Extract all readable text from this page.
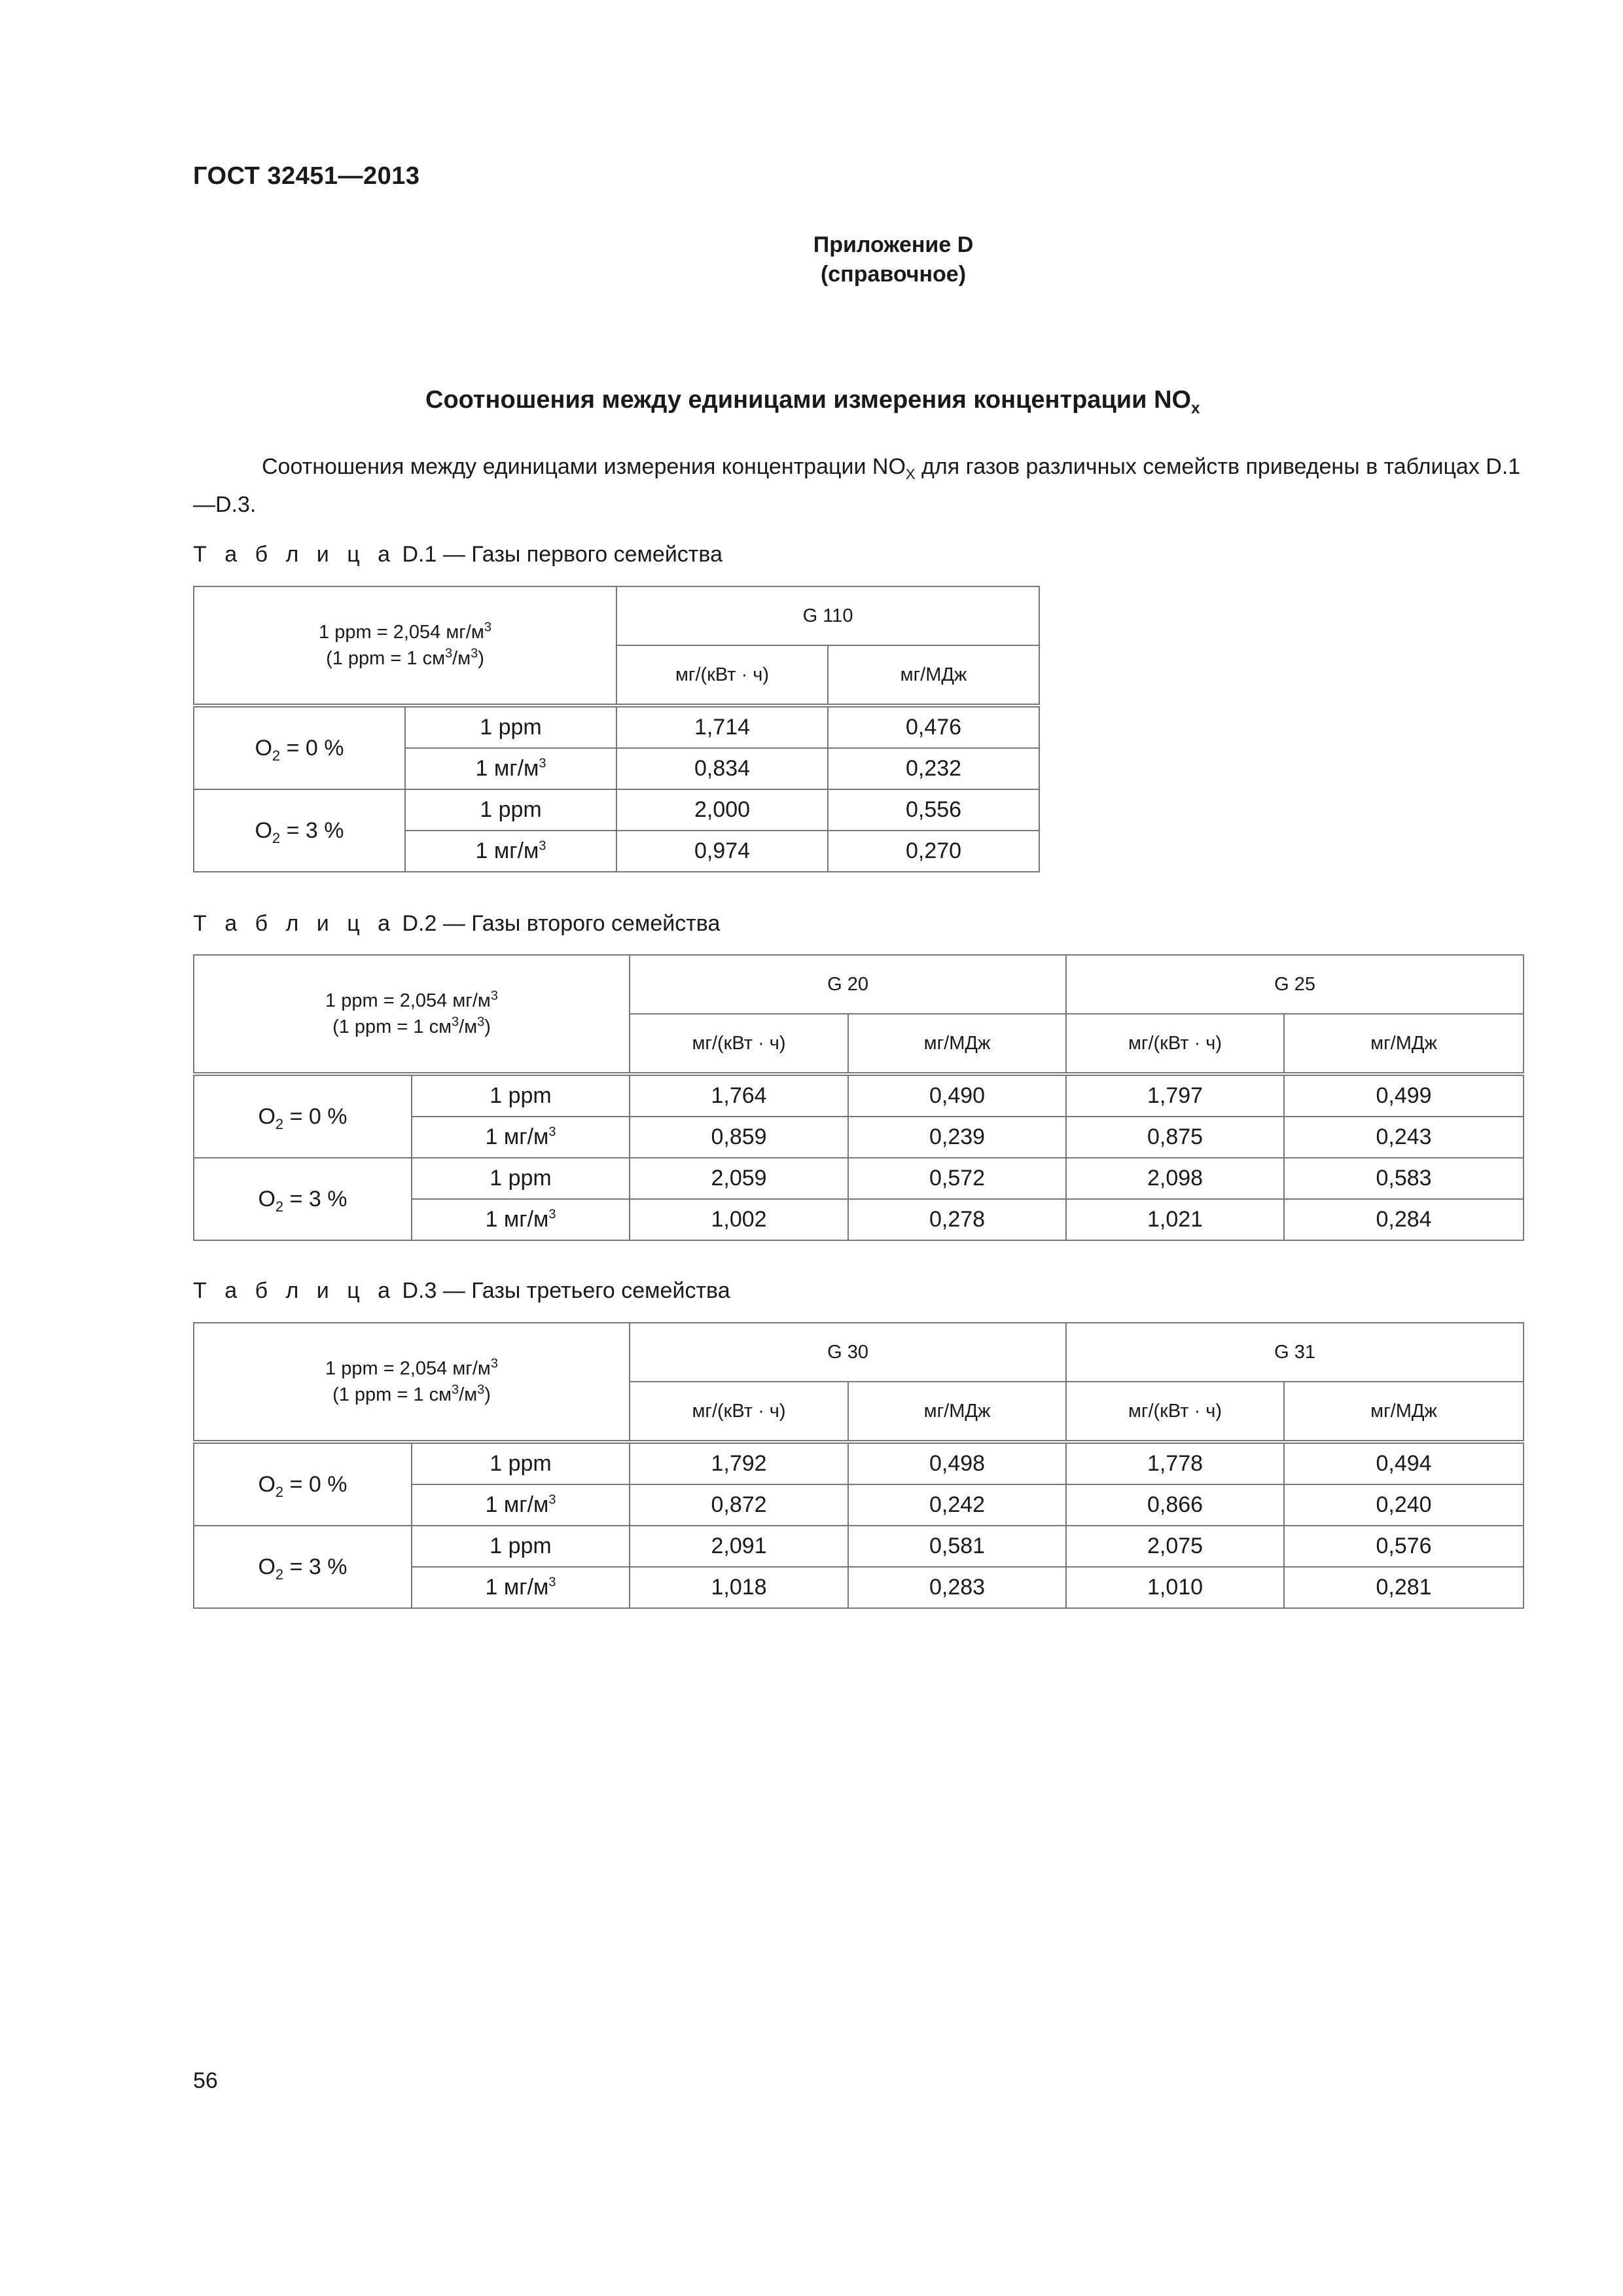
ГОСТ 32451—2013
Приложение D
(справочное)
Соотношения между единицами измерения концентрации $NO_x$
Соотношения между единицами измерения концентрации $NO_X$ для газов различных семейств приведены в таблицах D.1—D.3.
Т а б л и ц а D.1 — Газы первого семейства
1 ppm = 2,054 $мг/м^3$
(1 ppm = 1 $см^3/м^3$)		G 110	
		мг/(кВт · ч)	мг/МДж
$O_2 = 0$ %	1 ppm	1,714	0,476
	1 $мг/м^3$	0,834	0,232
$O_2 = 3$ %	1 ppm	2,000	0,556
	1 $мг/м^3$	0,974	0,270
Т а б л и ц а D.2 — Газы второго семейства
1 ppm = 2,054 $мг/м^3$
(1 ppm = 1 $см^3/м^3$)		G 20		G 25	
		мг/(кВт · ч)	мг/МДж	мг/(кВт · ч)	мг/МДж
$O_2 = 0$ %	1 ppm	1,764	0,490	1,797	0,499
	1 $мг/м^3$	0,859	0,239	0,875	0,243
$O_2 = 3$ %	1 ppm	2,059	0,572	2,098	0,583
	1 $мг/м^3$	1,002	0,278	1,021	0,284
Т а б л и ц а D.3 — Газы третьего семейства
1 ppm = 2,054 $мг/м^3$
(1 ppm = 1 $см^3/м^3$)		G 30		G 31	
		мг/(кВт · ч)	мг/МДж	мг/(кВт · ч)	мг/МДж
$O_2 = 0$ %	1 ppm	1,792	0,498	1,778	0,494
	1 $мг/м^3$	0,872	0,242	0,866	0,240
$O_2 = 3$ %	1 ppm	2,091	0,581	2,075	0,576
	1 $мг/м^3$	1,018	0,283	1,010	0,281
56
